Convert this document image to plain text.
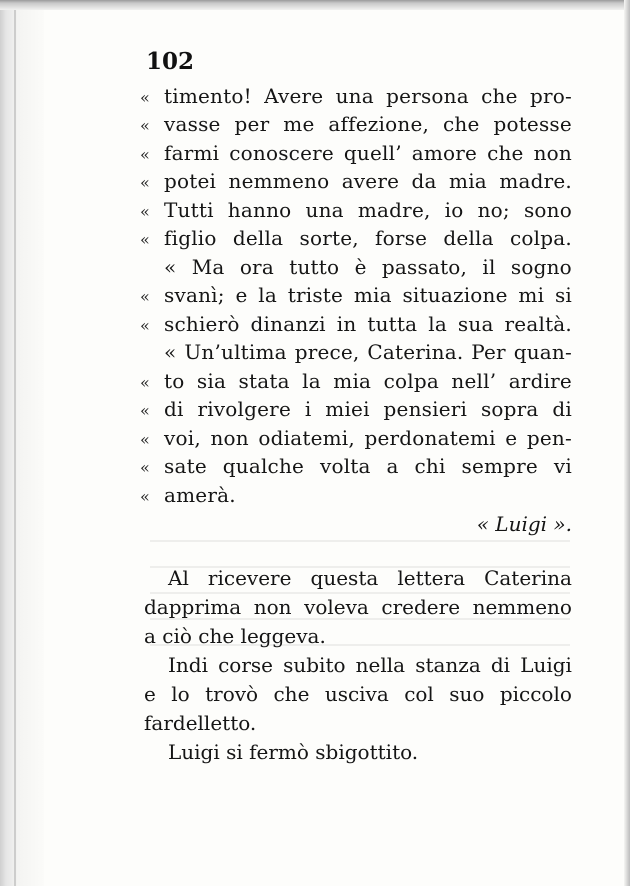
102
« timento! Avere una persona che pro-
« vasse per me affezione, che potesse
« farmi conoscere quell’ amore che non
« potei nemmeno avere da mia madre.
« Tutti hanno una madre, io no; sono
« figlio della sorte, forse della colpa.
« Ma ora tutto è passato, il sogno
« svanì; e la triste mia situazione mi si
« schierò dinanzi in tutta la sua realtà.
« Un’ultima prece, Caterina. Per quan-
« to sia stata la mia colpa nell’ ardire
« di rivolgere i miei pensieri sopra di
« voi, non odiatemi, perdonatemi e pen-
« sate qualche volta a chi sempre vi
« amerà.
« Luigi ».
Al ricevere questa lettera Caterina
dapprima non voleva credere nemmeno
a ciò che leggeva.
Indi corse subito nella stanza di Luigi
e lo trovò che usciva col suo piccolo
fardelletto.
Luigi si fermò sbigottito.
